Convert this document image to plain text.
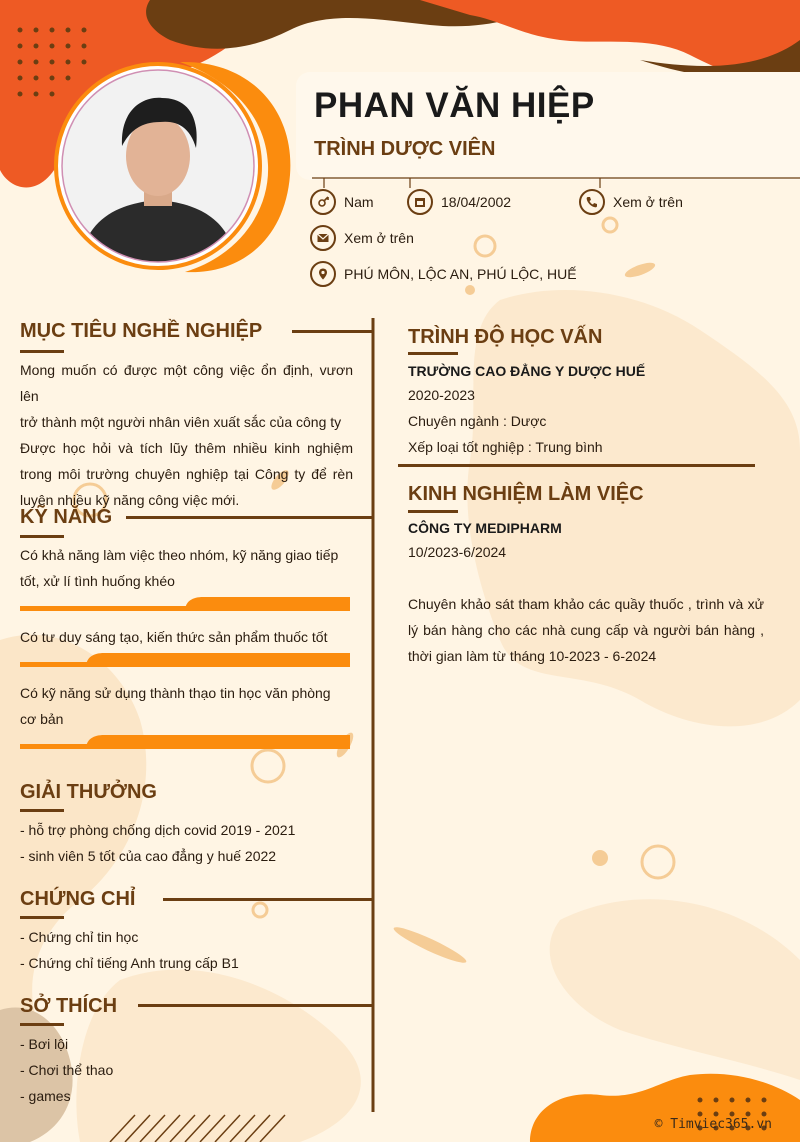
PHAN VĂN HIỆP
TRÌNH DƯỢC VIÊN
Nam	18/04/2002	Xem ở trên
Xem ở trên
PHÚ MÔN, LỘC AN, PHÚ LỘC, HUẾ
MỤC TIÊU NGHỀ NGHIỆP
Mong muốn có được một công việc ổn định, vươn lên
trở thành một người nhân viên xuất sắc của công ty
Được học hỏi và tích lũy thêm nhiều kinh nghiệm
trong môi trường chuyên nghiệp tại Công ty để rèn
luyện nhiều kỹ năng công việc mới.
KỸ NĂNG
Có khả năng làm việc theo nhóm, kỹ năng giao tiếp tốt, xử lí tình huống khéo
Có tư duy sáng tạo, kiến thức sản phẩm thuốc tốt
Có kỹ năng sử dụng thành thạo tin học văn phòng cơ bản
GIẢI THƯỞNG
- hỗ trợ phòng chống dịch covid 2019 - 2021
- sinh viên 5 tốt của cao đẳng y huế 2022
CHỨNG CHỈ
- Chứng chỉ tin học
- Chứng chỉ tiếng Anh trung cấp B1
SỞ THÍCH
- Bơi lội
- Chơi thể thao
- games
TRÌNH ĐỘ HỌC VẤN
TRƯỜNG CAO ĐẲNG Y DƯỢC HUẾ
2020-2023
Chuyên ngành : Dược
Xếp loại tốt nghiệp : Trung bình
KINH NGHIỆM LÀM VIỆC
CÔNG TY MEDIPHARM
10/2023-6/2024
Chuyên khảo sát tham khảo các quầy thuốc , trình và xử lý bán hàng cho các nhà cung cấp và người bán hàng , thời gian làm từ tháng 10-2023 - 6-2024
© Timviec365.vn
